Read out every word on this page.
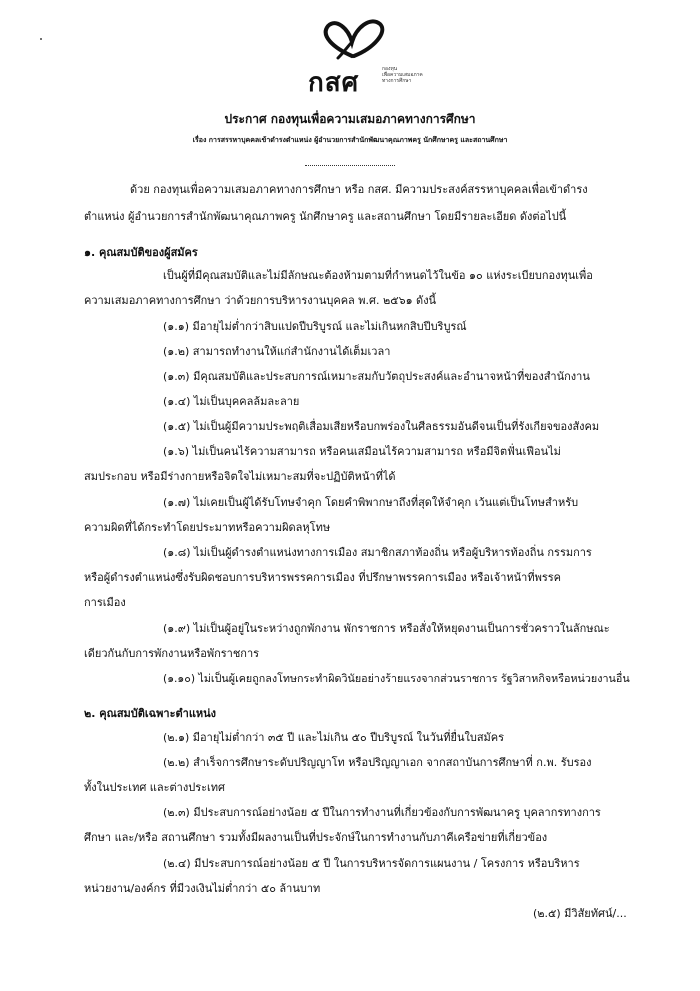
กสศ	กองทุน
เพื่อความเสมอภาค
ทางการศึกษา
ประกาศ กองทุนเพื่อความเสมอภาคทางการศึกษา
เรื่อง การสรรหาบุคคลเข้าดำรงตำแหน่ง ผู้อำนวยการสำนักพัฒนาคุณภาพครู นักศึกษาครู และสถานศึกษา
ด้วย กองทุนเพื่อความเสมอภาคทางการศึกษา หรือ กสศ. มีความประสงค์สรรหาบุคคลเพื่อเข้าดำรง
ตำแหน่ง ผู้อำนวยการสำนักพัฒนาคุณภาพครู นักศึกษาครู และสถานศึกษา โดยมีรายละเอียด ดังต่อไปนี้
๑. คุณสมบัติของผู้สมัคร
เป็นผู้ที่มีคุณสมบัติและไม่มีลักษณะต้องห้ามตามที่กำหนดไว้ในข้อ ๑๐ แห่งระเบียบกองทุนเพื่อ
ความเสมอภาคทางการศึกษา ว่าด้วยการบริหารงานบุคคล พ.ศ. ๒๕๖๑ ดังนี้
(๑.๑) มีอายุไม่ต่ำกว่าสิบแปดปีบริบูรณ์ และไม่เกินหกสิบปีบริบูรณ์
(๑.๒) สามารถทำงานให้แก่สำนักงานได้เต็มเวลา
(๑.๓) มีคุณสมบัติและประสบการณ์เหมาะสมกับวัตถุประสงค์และอำนาจหน้าที่ของสำนักงาน
(๑.๔) ไม่เป็นบุคคลล้มละลาย
(๑.๕) ไม่เป็นผู้มีความประพฤติเสื่อมเสียหรือบกพร่องในศีลธรรมอันดีจนเป็นที่รังเกียจของสังคม
(๑.๖) ไม่เป็นคนไร้ความสามารถ หรือคนเสมือนไร้ความสามารถ หรือมีจิตฟั่นเฟือนไม่
สมประกอบ หรือมีร่างกายหรือจิตใจไม่เหมาะสมที่จะปฏิบัติหน้าที่ได้
(๑.๗) ไม่เคยเป็นผู้ได้รับโทษจำคุก โดยคำพิพากษาถึงที่สุดให้จำคุก เว้นแต่เป็นโทษสำหรับ
ความผิดที่ได้กระทำโดยประมาทหรือความผิดลหุโทษ
(๑.๘) ไม่เป็นผู้ดำรงตำแหน่งทางการเมือง สมาชิกสภาท้องถิ่น หรือผู้บริหารท้องถิ่น กรรมการ
หรือผู้ดำรงตำแหน่งซึ่งรับผิดชอบการบริหารพรรคการเมือง ที่ปรึกษาพรรคการเมือง หรือเจ้าหน้าที่พรรค
การเมือง
(๑.๙) ไม่เป็นผู้อยู่ในระหว่างถูกพักงาน พักราชการ หรือสั่งให้หยุดงานเป็นการชั่วคราวในลักษณะ
เดียวกันกับการพักงานหรือพักราชการ
(๑.๑๐) ไม่เป็นผู้เคยถูกลงโทษกระทำผิดวินัยอย่างร้ายแรงจากส่วนราชการ รัฐวิสาหกิจหรือหน่วยงานอื่น
๒. คุณสมบัติเฉพาะตำแหน่ง
(๒.๑) มีอายุไม่ต่ำกว่า ๓๕ ปี และไม่เกิน ๕๐ ปีบริบูรณ์ ในวันที่ยื่นใบสมัคร
(๒.๒) สำเร็จการศึกษาระดับปริญญาโท หรือปริญญาเอก จากสถาบันการศึกษาที่ ก.พ. รับรอง
ทั้งในประเทศ และต่างประเทศ
(๒.๓) มีประสบการณ์อย่างน้อย ๕ ปีในการทำงานที่เกี่ยวข้องกับการพัฒนาครู บุคลากรทางการ
ศึกษา และ/หรือ สถานศึกษา รวมทั้งมีผลงานเป็นที่ประจักษ์ในการทำงานกับภาคีเครือข่ายที่เกี่ยวข้อง
(๒.๔) มีประสบการณ์อย่างน้อย ๕ ปี ในการบริหารจัดการแผนงาน / โครงการ หรือบริหาร
หน่วยงาน/องค์กร ที่มีวงเงินไม่ต่ำกว่า ๕๐ ล้านบาท
(๒.๕) มีวิสัยทัศน์/...
